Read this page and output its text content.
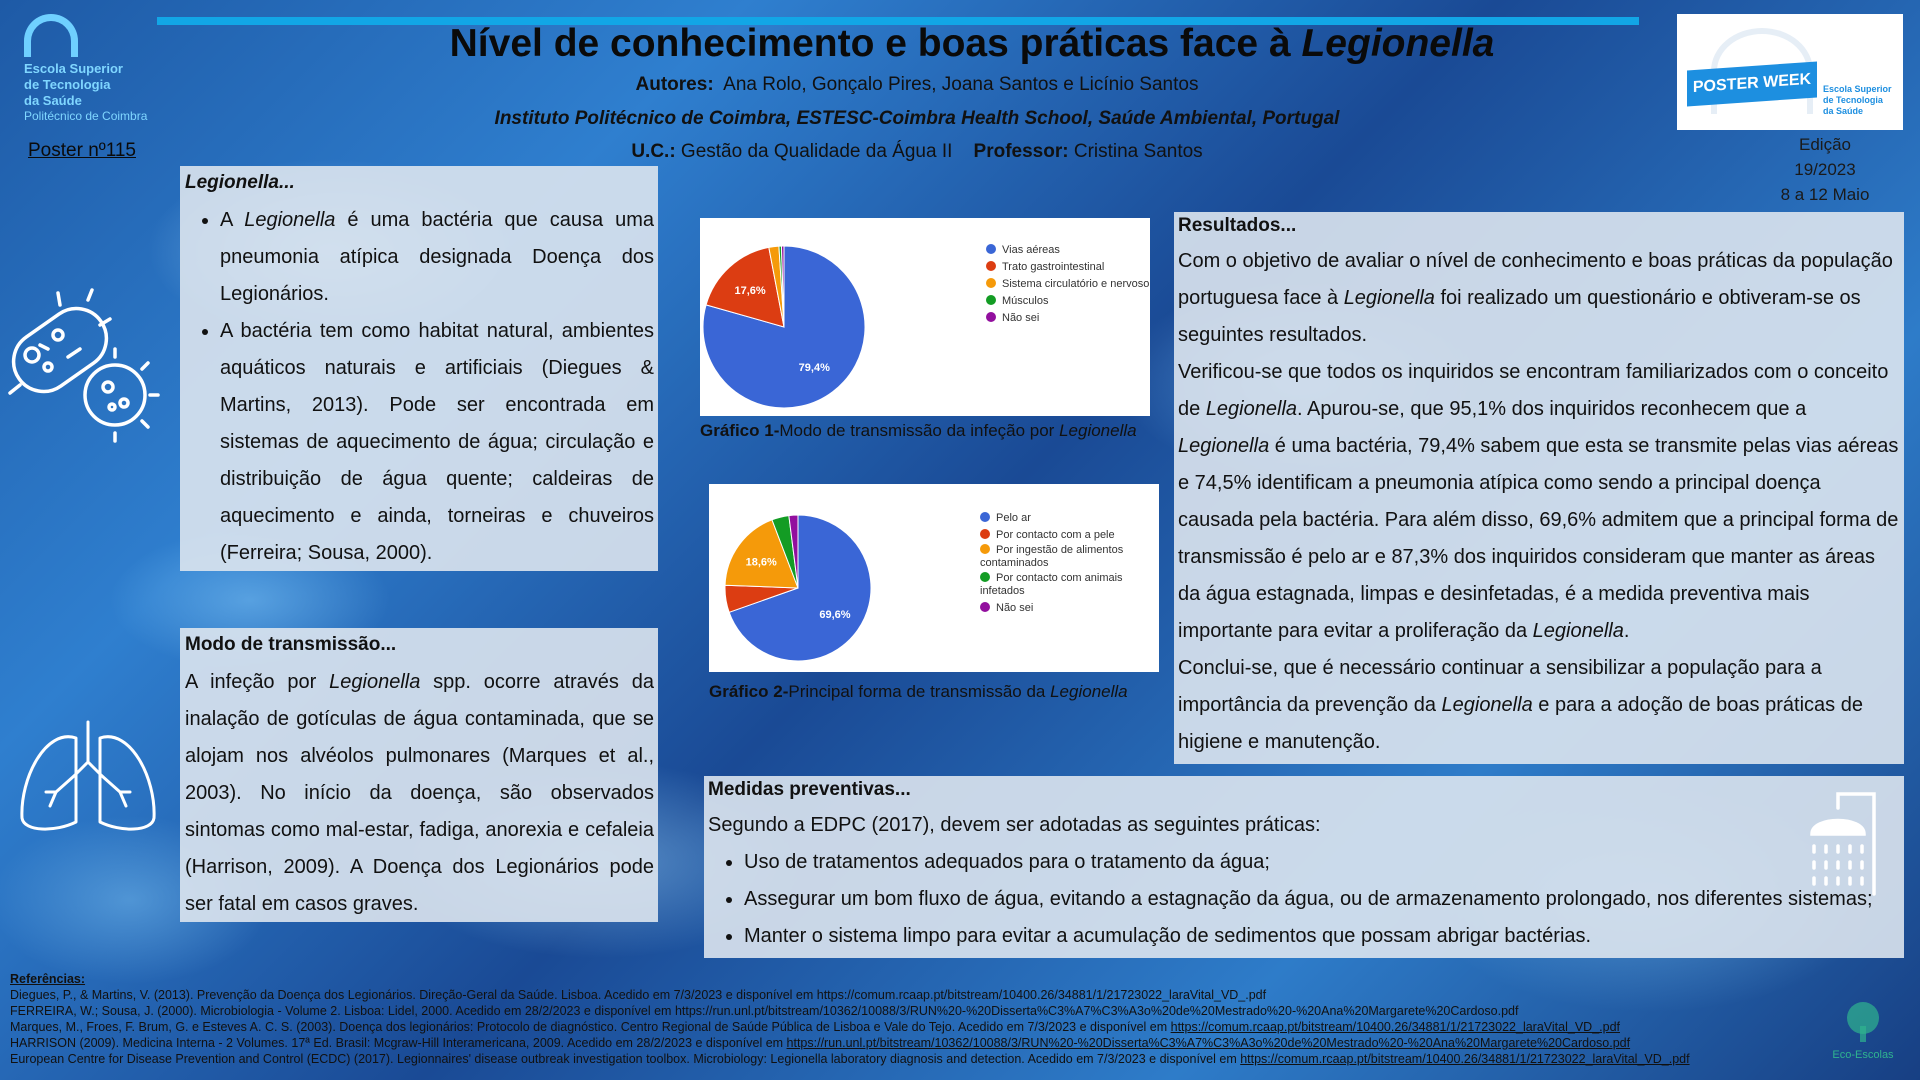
Nível de conhecimento e boas práticas face à Legionella
Autores: Ana Rolo, Gonçalo Pires, Joana Santos e Licínio Santos
Instituto Politécnico de Coimbra, ESTESC-Coimbra Health School, Saúde Ambiental, Portugal
U.C.: Gestão da Qualidade da Água II Professor: Cristina Santos
Escola Superior
de Tecnologia
da Saúde
Politécnico de Coimbra
Poster nº115
POSTER WEEK	Escola Superior
de Tecnologia
da Saúde
Edição
19/2023
8 a 12 Maio
Legionella...
• A Legionella é uma bactéria que causa uma pneumonia atípica designada Doença dos Legionários.
• A bactéria tem como habitat natural, ambientes aquáticos naturais e artificiais (Diegues & Martins, 2013). Pode ser encontrada em sistemas de aquecimento de água; circulação e distribuição de água quente; caldeiras de aquecimento e ainda, torneiras e chuveiros (Ferreira; Sousa, 2000).
Modo de transmissão...

A infeção por Legionella spp. ocorre através da inalação de gotículas de água contaminada, que se alojam nos alvéolos pulmonares (Marques et al., 2003). No início da doença, são observados sintomas como mal-estar, fadiga, anorexia e cefaleia (Harrison, 2009). A Doença dos Legionários pode ser fatal em casos graves.

79,4%
17,6%
Vias aéreas
Trato gastrointestinal
Sistema circulatório e nervoso
Músculos
Não sei
Gráfico 1-Modo de transmissão da infeção por Legionella
69,6%
18,6%
Pelo ar
Por contacto com a pele
Por ingestão de alimentos contaminados
Por contacto com animais infetados
Não sei
Gráfico 2-Principal forma de transmissão da Legionella
Resultados...

Com o objetivo de avaliar o nível de conhecimento e boas práticas da população portuguesa face à Legionella foi realizado um questionário e obtiveram-se os seguintes resultados.

Verificou-se que todos os inquiridos se encontram familiarizados com o conceito de Legionella. Apurou-se, que 95,1% dos inquiridos reconhecem que a Legionella é uma bactéria, 79,4% sabem que esta se transmite pelas vias aéreas e 74,5% identificam a pneumonia atípica como sendo a principal doença causada pela bactéria. Para além disso, 69,6% admitem que a principal forma de transmissão é pelo ar e 87,3% dos inquiridos consideram que manter as áreas da água estagnada, limpas e desinfetadas, é a medida preventiva mais importante para evitar a proliferação da Legionella.

Conclui-se, que é necessário continuar a sensibilizar a população para a importância da prevenção da Legionella e para a adoção de boas práticas de higiene e manutenção.

Medidas preventivas...

Segundo a EDPC (2017), devem ser adotadas as seguintes práticas:

• Uso de tratamentos adequados para o tratamento da água;
• Assegurar um bom fluxo de água, evitando a estagnação da água, ou de armazenamento prolongado, nos diferentes sistemas;
• Manter o sistema limpo para evitar a acumulação de sedimentos que possam abrigar bactérias.
Referências:
Diegues, P., & Martins, V. (2013). Prevenção da Doença dos Legionários. Direção-Geral da Saúde. Lisboa. Acedido em 7/3/2023 e disponível em https://comum.rcaap.pt/bitstream/10400.26/34881/1/21723022_laraVital_VD_.pdf
FERREIRA, W.; Sousa, J. (2000). Microbiologia - Volume 2. Lisboa: Lidel, 2000. Acedido em 28/2/2023 e disponível em https://run.unl.pt/bitstream/10362/10088/3/RUN%20-%20Disserta%C3%A7%C3%A3o%20de%20Mestrado%20-%20Ana%20Margarete%20Cardoso.pdf
Marques, M., Froes, F. Brum, G. e Esteves A. C. S. (2003). Doença dos legionários: Protocolo de diagnóstico. Centro Regional de Saúde Pública de Lisboa e Vale do Tejo. Acedido em 7/3/2023 e disponível em https://comum.rcaap.pt/bitstream/10400.26/34881/1/21723022_laraVital_VD_.pdf
HARRISON (2009). Medicina Interna - 2 Volumes. 17ª Ed. Brasil: Mcgraw-Hill Interamericana, 2009. Acedido em 28/2/2023 e disponível em https://run.unl.pt/bitstream/10362/10088/3/RUN%20-%20Disserta%C3%A7%C3%A3o%20de%20Mestrado%20-%20Ana%20Margarete%20Cardoso.pdf
European Centre for Disease Prevention and Control (ECDC) (2017). Legionnaires' disease outbreak investigation toolbox. Microbiology: Legionella laboratory diagnosis and detection. Acedido em 7/3/2023 e disponível em https://comum.rcaap.pt/bitstream/10400.26/34881/1/21723022_laraVital_VD_.pdf	Eco-Escolas
